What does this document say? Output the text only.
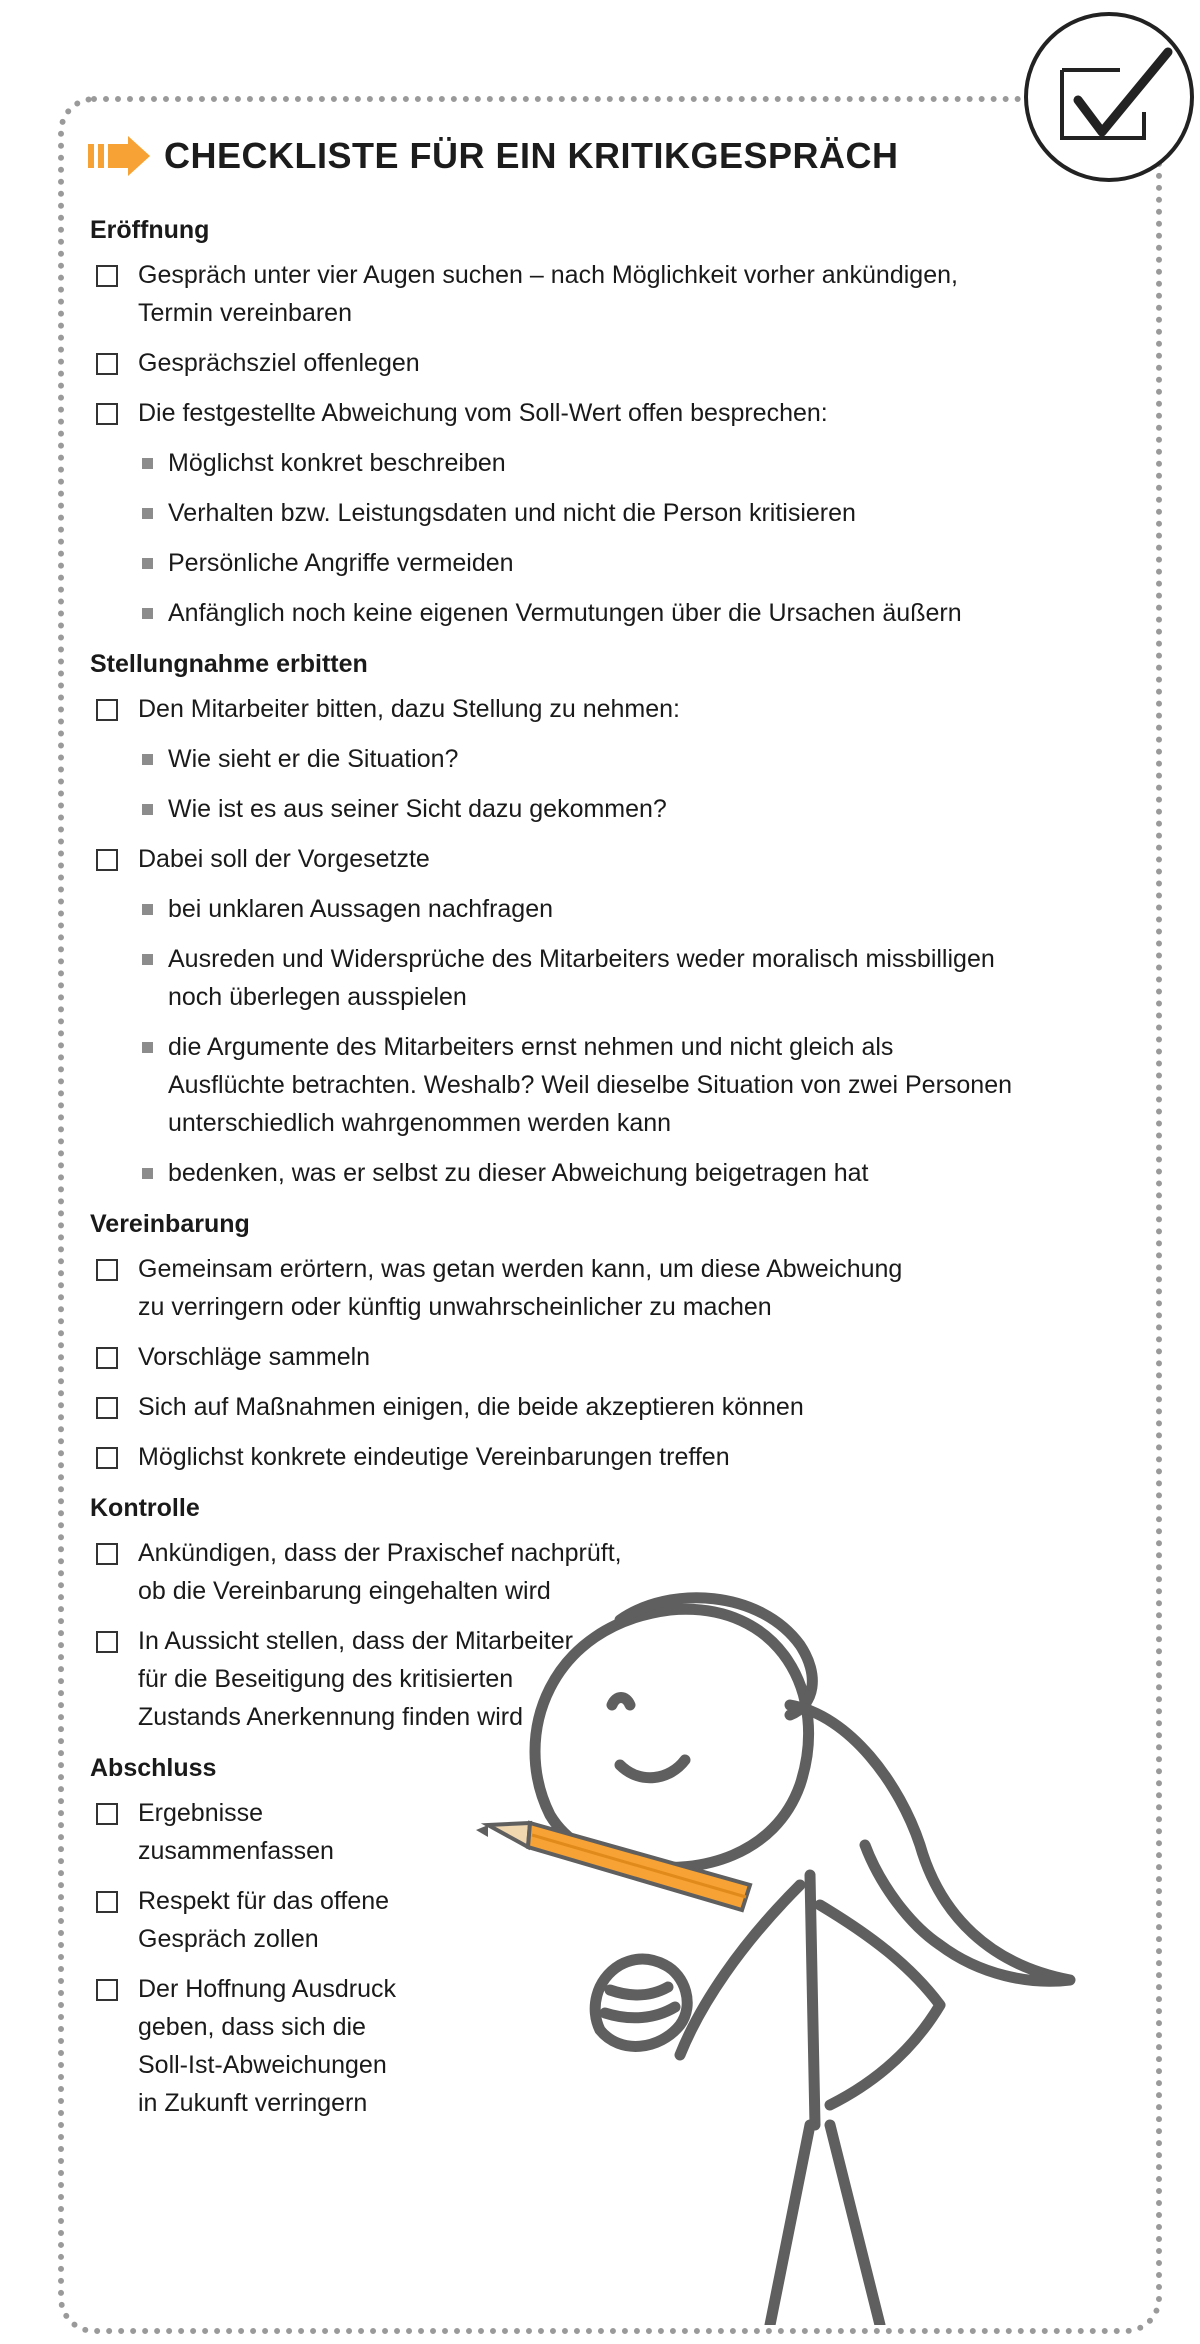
CHECKLISTE FÜR EIN KRITIKGESPRÄCH
Eröffnung
Gespräch unter vier Augen suchen – nach Möglichkeit vorher ankündigen,
Termin vereinbaren
Gesprächsziel offenlegen
Die festgestellte Abweichung vom Soll-Wert offen besprechen:
Möglichst konkret beschreiben
Verhalten bzw. Leistungsdaten und nicht die Person kritisieren
Persönliche Angriffe vermeiden
Anfänglich noch keine eigenen Vermutungen über die Ursachen äußern
Stellungnahme erbitten
Den Mitarbeiter bitten, dazu Stellung zu nehmen:
Wie sieht er die Situation?
Wie ist es aus seiner Sicht dazu gekommen?
Dabei soll der Vorgesetzte
bei unklaren Aussagen nachfragen
Ausreden und Widersprüche des Mitarbeiters weder moralisch missbilligen
noch überlegen ausspielen
die Argumente des Mitarbeiters ernst nehmen und nicht gleich als
Ausflüchte betrachten. Weshalb? Weil dieselbe Situation von zwei Personen
unterschiedlich wahrgenommen werden kann
bedenken, was er selbst zu dieser Abweichung beigetragen hat
Vereinbarung
Gemeinsam erörtern, was getan werden kann, um diese Abweichung
zu verringern oder künftig unwahrscheinlicher zu machen
Vorschläge sammeln
Sich auf Maßnahmen einigen, die beide akzeptieren können
Möglichst konkrete eindeutige Vereinbarungen treffen
Kontrolle
Ankündigen, dass der Praxischef nachprüft,
ob die Vereinbarung eingehalten wird
In Aussicht stellen, dass der Mitarbeiter
für die Beseitigung des kritisierten
Zustands Anerkennung finden wird
Abschluss
Ergebnisse
zusammenfassen
Respekt für das offene
Gespräch zollen
Der Hoffnung Ausdruck
geben, dass sich die
Soll-Ist-Abweichungen
in Zukunft verringern
